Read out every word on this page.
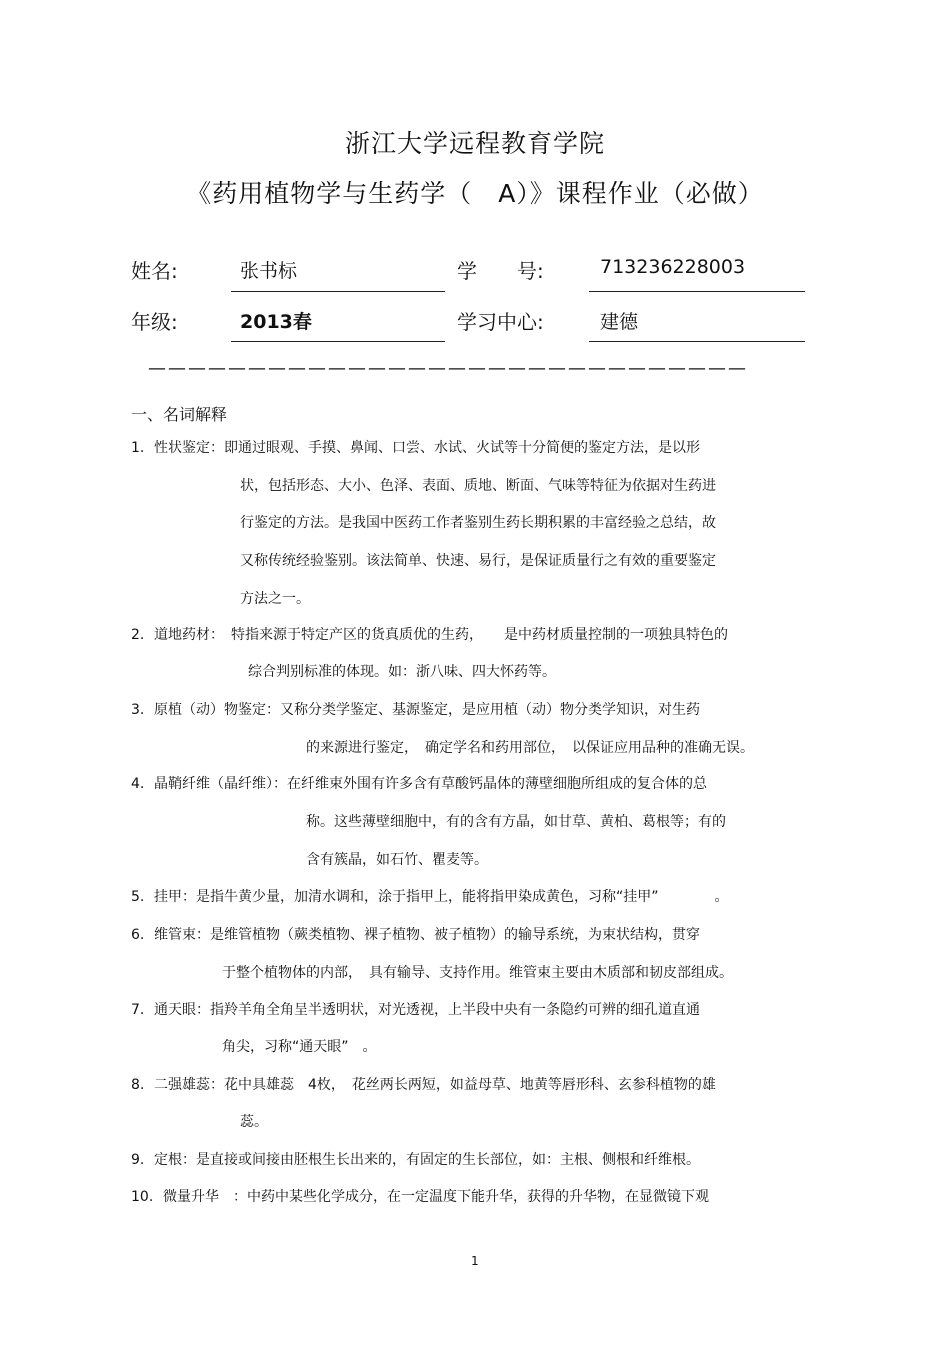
浙江大学远程教育学院
《药用植物学与生药学（　A）》课程作业（必做）
姓名:	张书标	学　　号:	713236228003
年级:	2013春	学习中心:	建德
——————————————————————————————
一、名词解释
1. 性状鉴定：即通过眼观、手摸、鼻闻、口尝、水试、火试等十分简便的鉴定方法，是以形
状，包括形态、大小、色泽、表面、质地、断面、气味等特征为依据对生药进
行鉴定的方法。是我国中医药工作者鉴别生药长期积累的丰富经验之总结，故
又称传统经验鉴别。该法简单、快速、易行，是保证质量行之有效的重要鉴定
方法之一。
2. 道地药材：　特指来源于特定产区的货真质优的生药，　　是中药材质量控制的一项独具特色的
综合判别标准的体现。如：浙八味、四大怀药等。
3. 原植（动）物鉴定：又称分类学鉴定、基源鉴定，是应用植（动）物分类学知识，对生药
的来源进行鉴定，　确定学名和药用部位，　以保证应用品种的准确无误。
4. 晶鞘纤维（晶纤维）：在纤维束外围有许多含有草酸钙晶体的薄壁细胞所组成的复合体的总
称。这些薄壁细胞中，有的含有方晶，如甘草、黄柏、葛根等；有的
含有簇晶，如石竹、瞿麦等。
5. 挂甲：是指牛黄少量，加清水调和，涂于指甲上，能将指甲染成黄色，习称“挂甲”　　　　。
6. 维管束：是维管植物（蕨类植物、裸子植物、被子植物）的输导系统，为束状结构，贯穿
于整个植物体的内部，　具有输导、支持作用。维管束主要由木质部和韧皮部组成。
7. 通天眼：指羚羊角全角呈半透明状，对光透视，上半段中央有一条隐约可辨的细孔道直通
角尖，习称“通天眼”　。
8. 二强雄蕊：花中具雄蕊　4枚，　花丝两长两短，如益母草、地黄等唇形科、玄参科植物的雄
蕊。
9. 定根：是直接或间接由胚根生长出来的，有固定的生长部位，如：主根、侧根和纤维根。
10. 微量升华　：中药中某些化学成分，在一定温度下能升华，获得的升华物，在显微镜下观
1
